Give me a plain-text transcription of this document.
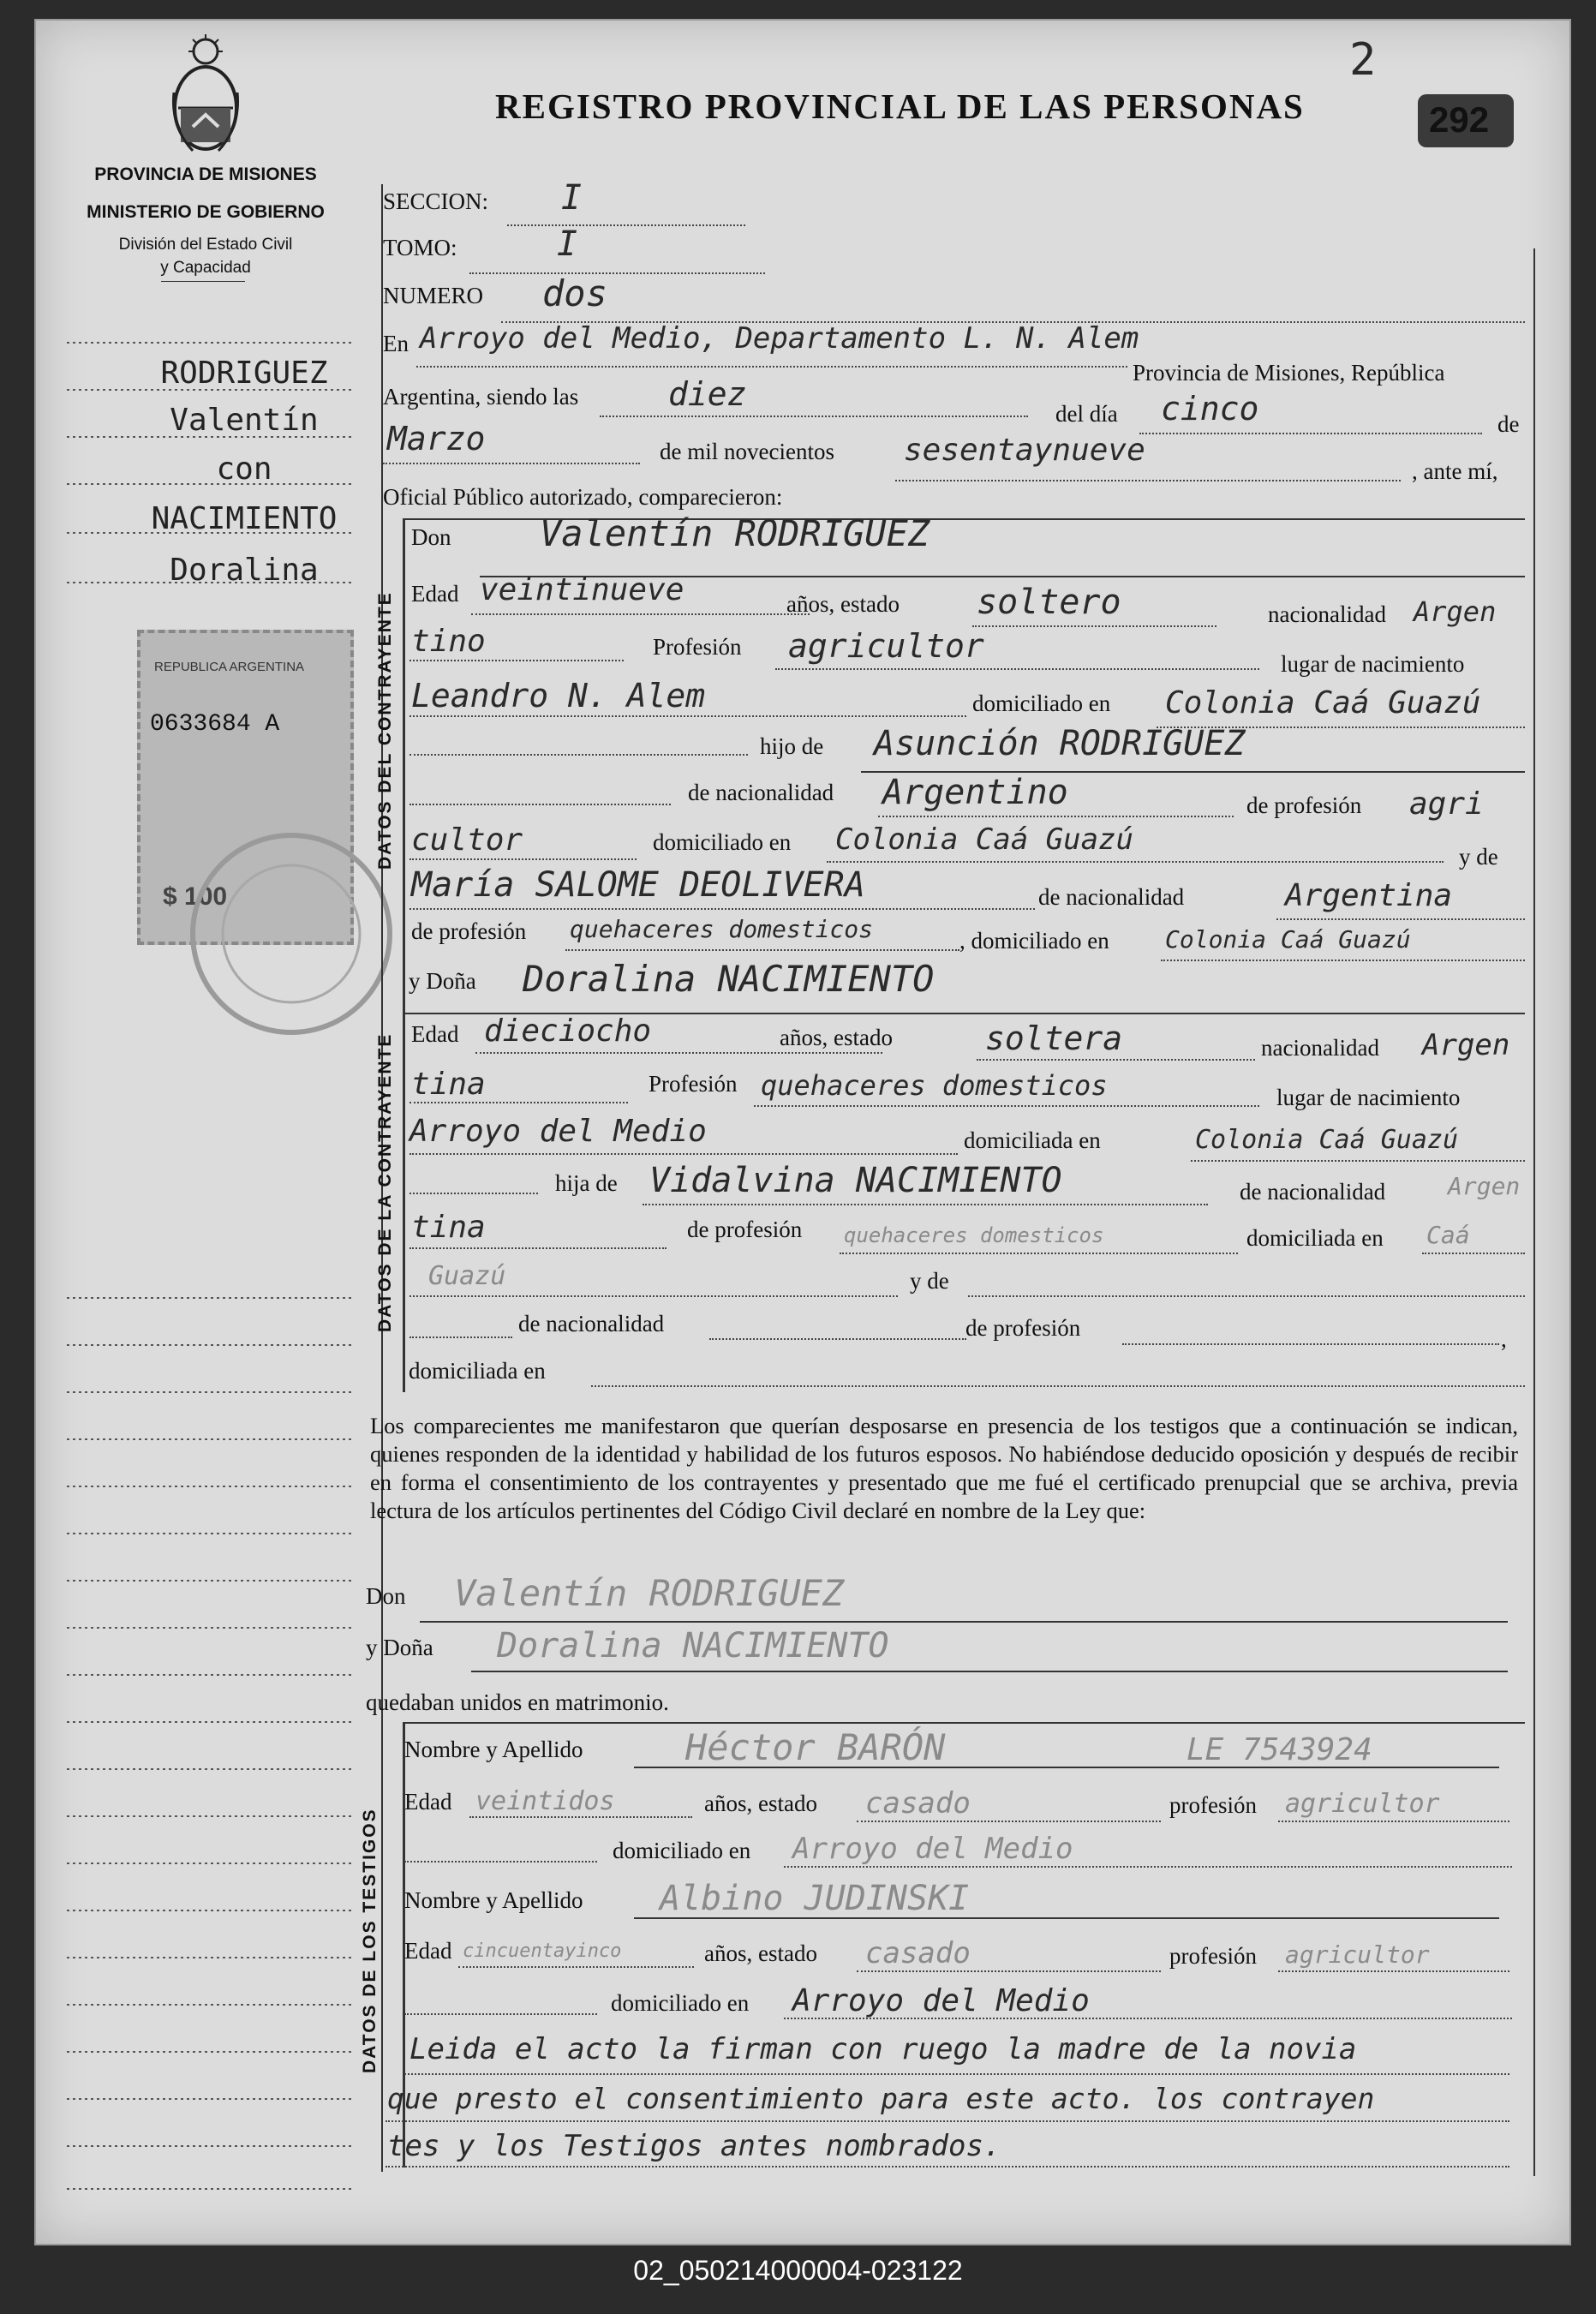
2
REGISTRO PROVINCIAL DE LAS PERSONAS	292
PROVINCIA DE MISIONES
MINISTERIO DE GOBIERNO
División del Estado Civil
y Capacidad
RODRIGUEZ
Valentín
con
NACIMIENTO
Doralina
REPUBLICA ARGENTINA
0633684 A
$ 100
DATOS DEL CONTRAYENTE
DATOS DE LA CONTRAYENTE
DATOS DE LOS TESTIGOS
SECCION: I
TOMO:	I
NUMERO dos
En Arroyo del Medio, Departamento L. N. Alem
Provincia de Misiones, República
Argentina, siendo las	diez
del día cinco	de
Marzo	de mil novecientos sesentaynueve
, ante mí,
Oficial Público autorizado, comparecieron:
Don Valentín RODRIGUEZ
Edad veintinueve	años, estado soltero	nacionalidad Argen
tino	Profesión agricultor	lugar de nacimiento
Leandro N. Alem	domiciliado en Colonia Caá Guazú
hijo de Asunción RODRIGUEZ
de nacionalidad Argentino	de profesión agri
cultor	domiciliado en Colonia Caá Guazú	y de
María SALOME DEOLIVERA	de nacionalidad	Argentina
de profesión quehaceres domesticos	, domiciliado en Colonia Caá Guazú
y Doña Doralina NACIMIENTO
Edad dieciocho	años, estado	soltera	nacionalidad Argen
tina	Profesión quehaceres domesticos	lugar de nacimiento
Arroyo del Medio	domiciliada en	Colonia Caá Guazú
hija de Vidalvina NACIMIENTO	de nacionalidad	Argen
tina	de profesión quehaceres domesticos	domiciliada en Caá
Guazú	y de
de nacionalidad	de profesión	,
domiciliada en
Los comparecientes me manifestaron que querían desposarse en presencia de los testigos que a continuación se indican, quienes responden de la identidad y habilidad de los futuros esposos. No habiéndose deducido oposición y después de recibir en forma el consentimiento de los contrayentes y presentado que me fué el certificado prenupcial que se archiva, previa lectura de los artículos pertinentes del Código Civil declaré en nombre de la Ley que:
Don Valentín RODRIGUEZ
y Doña Doralina NACIMIENTO
quedaban unidos en matrimonio.
Nombre y Apellido	Héctor BARÓN	LE 7543924
Edad veintidos	años, estado casado	profesión agricultor
domiciliado en Arroyo del Medio
Nombre y Apellido Albino JUDINSKI
Edad cincuentayinco	años, estado casado	profesión agricultor
domiciliado en Arroyo del Medio
Leida el acto la firman con ruego la madre de la novia
que presto el consentimiento para este acto. los contrayen
tes y los Testigos antes nombrados.
02_050214000004-023122
